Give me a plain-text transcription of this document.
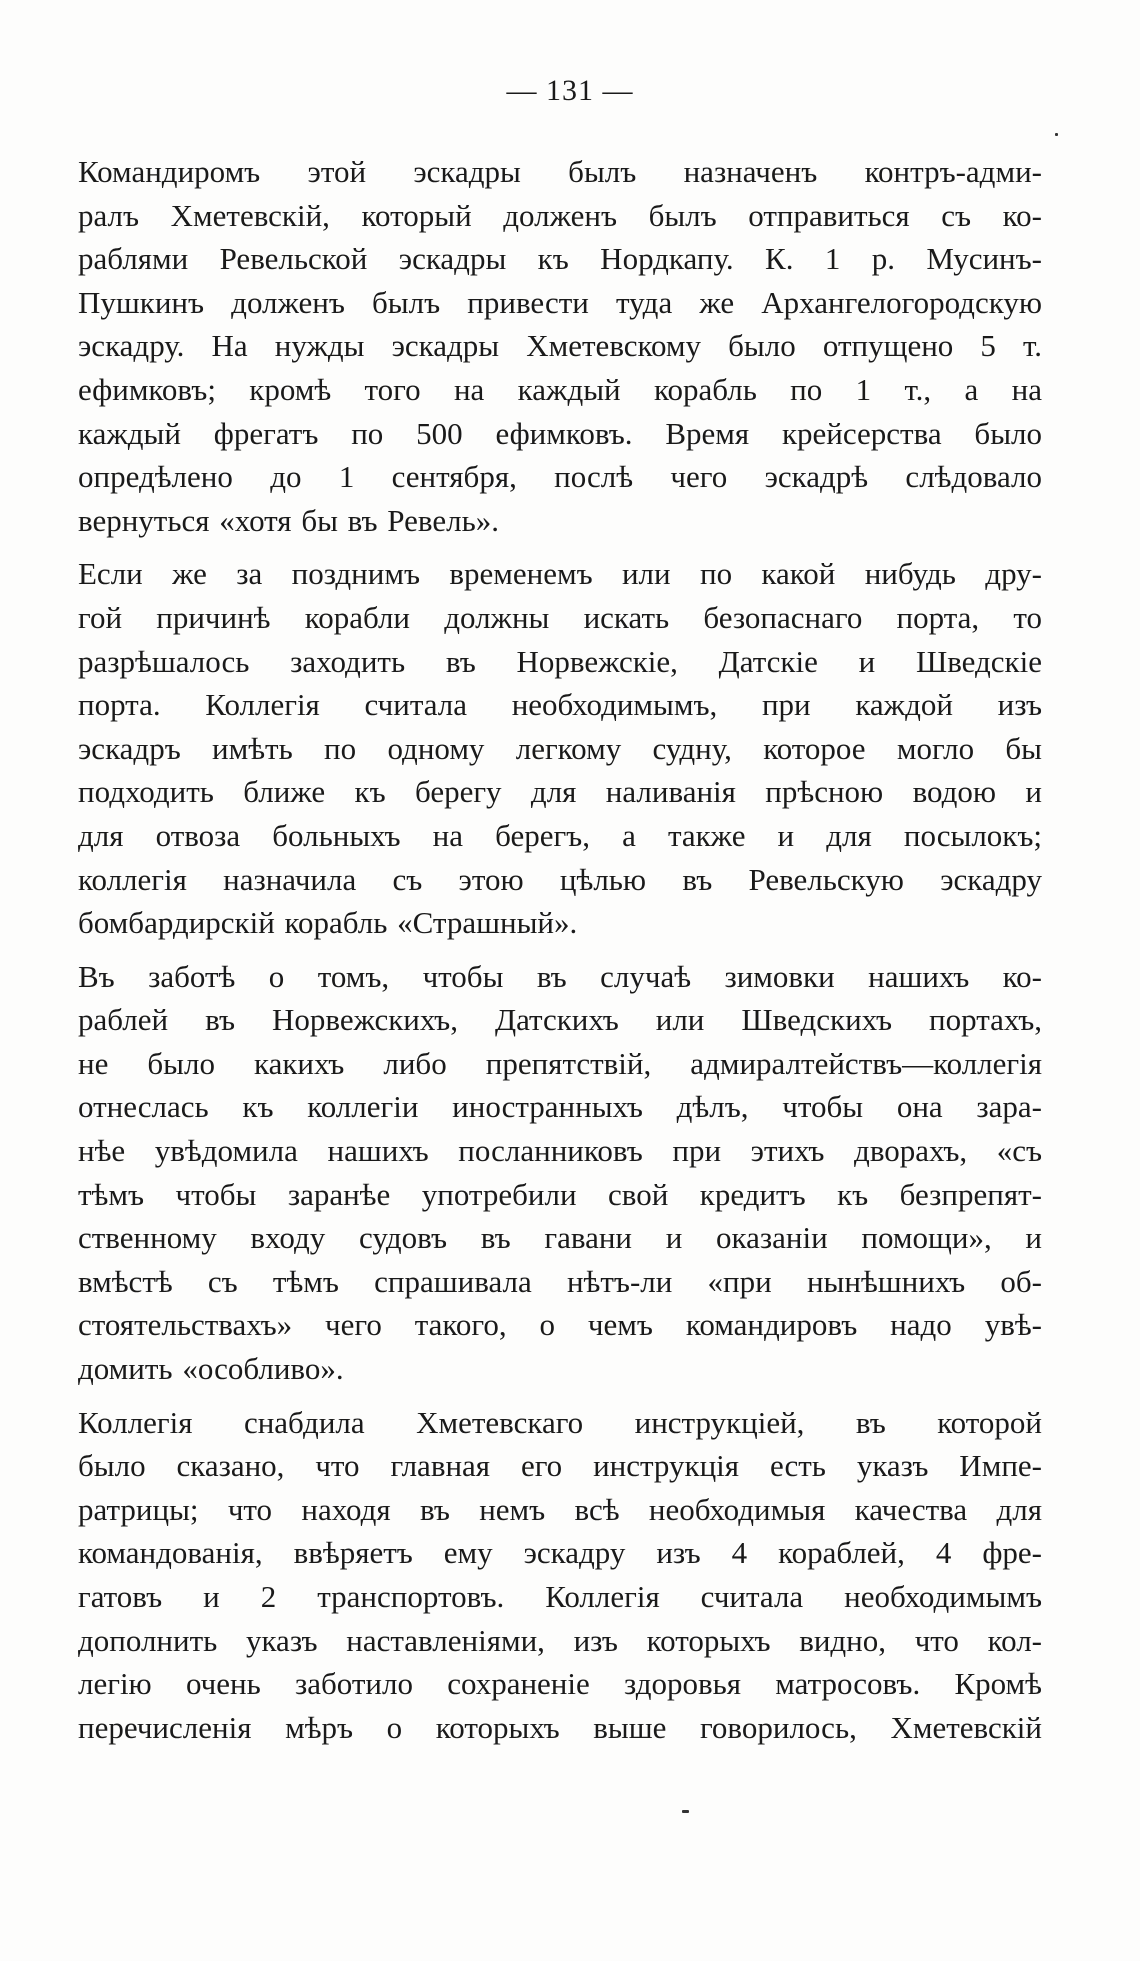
— 131 —
Командиромъ этой эскадры былъ назначенъ контръ-адми-
ралъ Хметевскій, который долженъ былъ отправиться съ ко-
раблями Ревельской эскадры къ Нордкапу. К. 1 р. Мусинъ-
Пушкинъ долженъ былъ привести туда же Архангелогородскую
эскадру. На нужды эскадры Хметевскому было отпущено 5 т.
ефимковъ; кромѣ того на каждый корабль по 1 т., а на
каждый фрегатъ по 500 ефимковъ. Время крейсерства было
опредѣлено до 1 сентября, послѣ чего эскадрѣ слѣдовало
вернуться «хотя бы въ Ревель».
Если же за позднимъ временемъ или по какой нибудь дру-
гой причинѣ корабли должны искать безопаснаго порта, то
разрѣшалось заходить въ Норвежскіе, Датскіе и Шведскіе
порта. Коллегія считала необходимымъ, при каждой изъ
эскадръ имѣть по одному легкому судну, которое могло бы
подходить ближе къ берегу для наливанія прѣсною водою и
для отвоза больныхъ на берегъ, а также и для посылокъ;
коллегія назначила съ этою цѣлью въ Ревельскую эскадру
бомбардирскій корабль «Страшный».
Въ заботѣ о томъ, чтобы въ случаѣ зимовки нашихъ ко-
раблей въ Норвежскихъ, Датскихъ или Шведскихъ портахъ,
не было какихъ либо препятствій, адмиралтействъ—коллегія
отнеслась къ коллегіи иностранныхъ дѣлъ, чтобы она зара-
нѣе увѣдомила нашихъ посланниковъ при этихъ дворахъ, «съ
тѣмъ чтобы заранѣе употребили свой кредитъ къ безпрепят-
ственному входу судовъ въ гавани и оказаніи помощи», и
вмѣстѣ съ тѣмъ спрашивала нѣтъ-ли «при нынѣшнихъ об-
стоятельствахъ» чего такого, о чемъ командировъ надо увѣ-
домить «особливо».
Коллегія снабдила Хметевскаго инструкціей, въ которой
было сказано, что главная его инструкція есть указъ Импе-
ратрицы; что находя въ немъ всѣ необходимыя качества для
командованія, ввѣряетъ ему эскадру изъ 4 кораблей, 4 фре-
гатовъ и 2 транспортовъ. Коллегія считала необходимымъ
дополнить указъ наставленіями, изъ которыхъ видно, что кол-
легію очень заботило сохраненіе здоровья матросовъ. Кромѣ
перечисленія мѣръ о которыхъ выше говорилось, Хметевскій
